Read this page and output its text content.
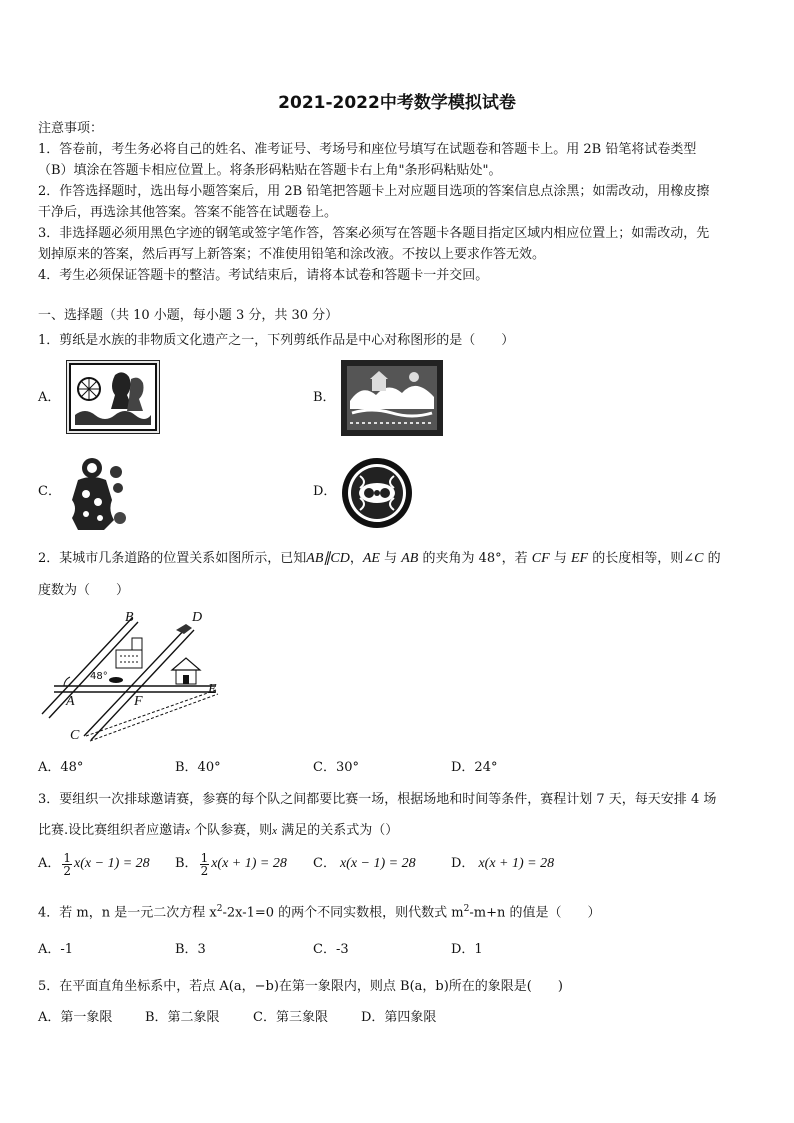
2021-2022中考数学模拟试卷
注意事项：
1．答卷前，考生务必将自己的姓名、准考证号、考场号和座位号填写在试题卷和答题卡上。用 2B 铅笔将试卷类型
（B）填涂在答题卡相应位置上。将条形码粘贴在答题卡右上角"条形码粘贴处"。
2．作答选择题时，选出每小题答案后，用 2B 铅笔把答题卡上对应题目选项的答案信息点涂黑；如需改动，用橡皮擦
干净后，再选涂其他答案。答案不能答在试题卷上。
3．非选择题必须用黑色字迹的钢笔或签字笔作答，答案必须写在答题卡各题目指定区域内相应位置上；如需改动，先
划掉原来的答案，然后再写上新答案；不准使用铅笔和涂改液。不按以上要求作答无效。
4．考生必须保证答题卡的整洁。考试结束后，请将本试卷和答题卡一并交回。
一、选择题（共 10 小题，每小题 3 分，共 30 分）
1．剪纸是水族的非物质文化遗产之一，下列剪纸作品是中心对称图形的是（　　）
A．	B．
C．	D．
2．某城市几条道路的位置关系如图所示，已知AB∥CD，AE 与 AB 的夹角为 48°，若 CF 与 EF 的长度相等，则∠C 的
度数为（　　）
B	D
A	F
E
C
48°
A．48°	B．40°	C．30°	D．24°
3．要组织一次排球邀请赛，参赛的每个队之间都要比赛一场，根据场地和时间等条件，赛程计划 7 天，每天安排 4 场
比赛.设比赛组织者应邀请x 个队参赛，则x 满足的关系式为（）
A． $\frac{1}{2} x(x - 1) = 28$ B． $\frac{1}{2} x(x + 1) = 28$ C． x(x − 1) = 28	D． x(x + 1) = 28
4．若 m，n 是一元二次方程 $x^2-2x-1=0$ 的两个不同实数根，则代数式 $m^2-m+n$ 的值是（　　）
A．-1	B．3	C．-3	D．1
5．在平面直角坐标系中，若点 A(a，−b)在第一象限内，则点 B(a，b)所在的象限是(　　)
A．第一象限	B．第二象限	C．第三象限	D．第四象限
